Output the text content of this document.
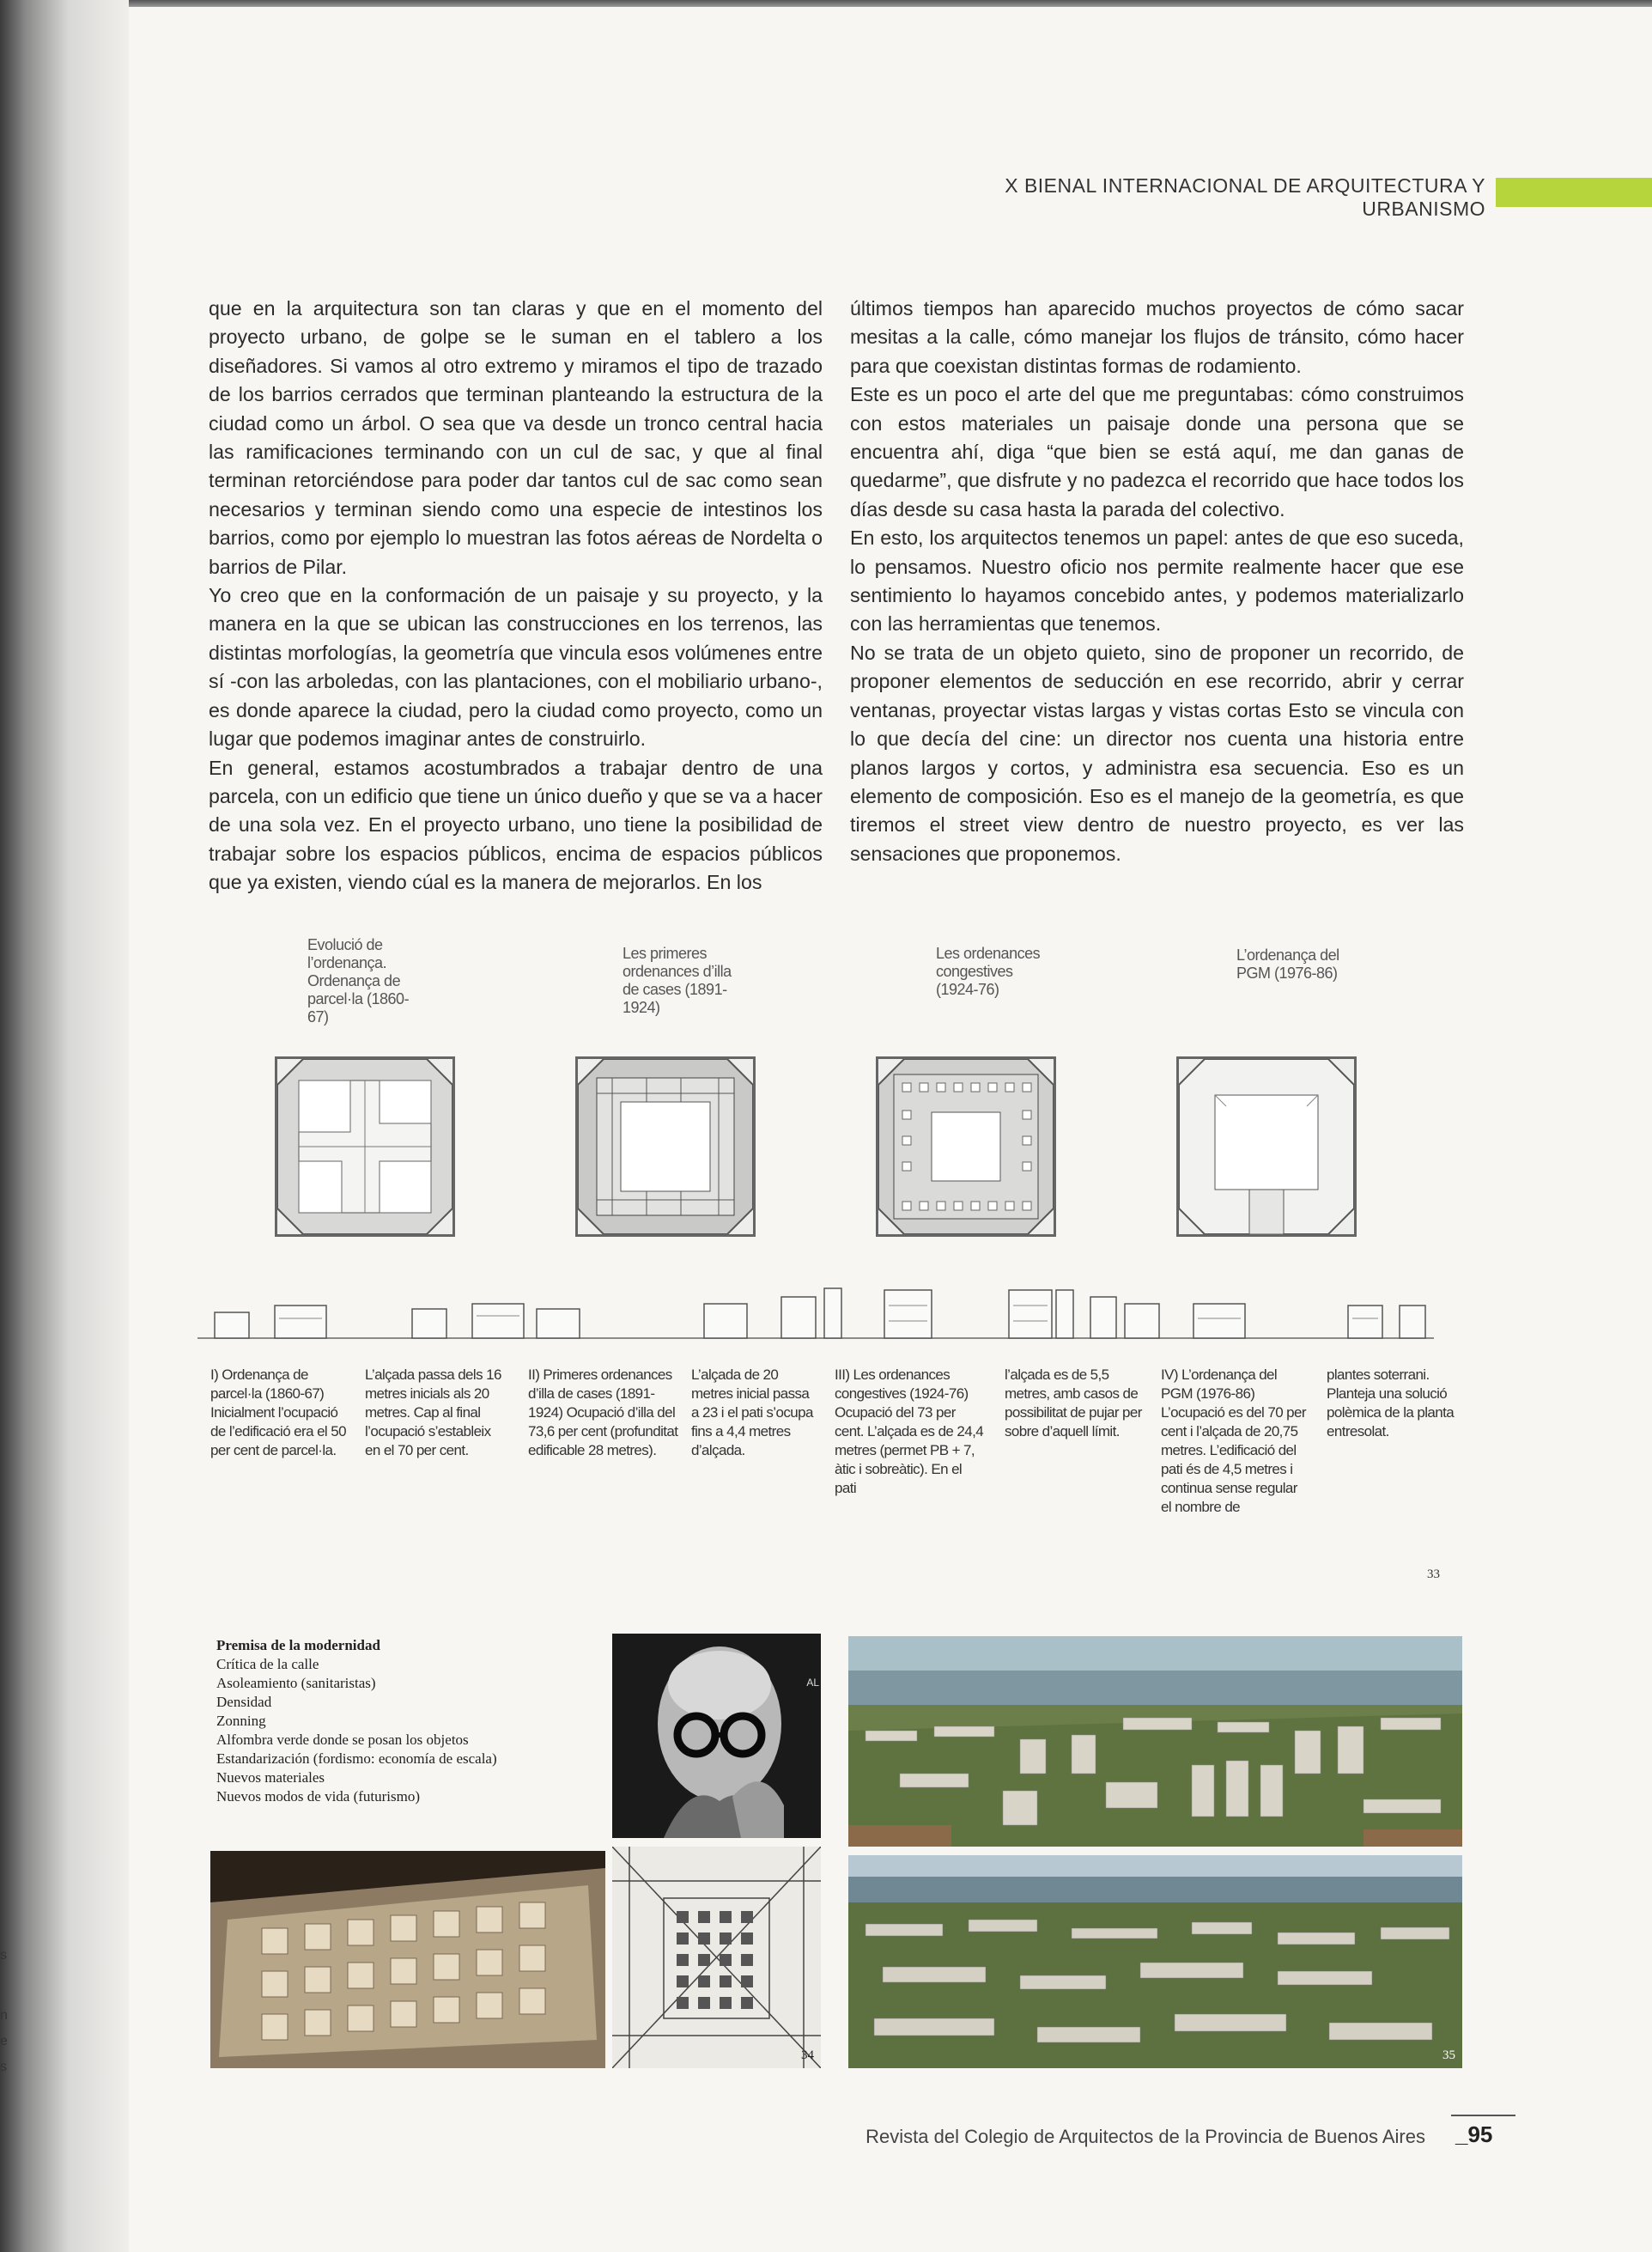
s
n
e
s
X BIENAL INTERNACIONAL DE ARQUITECTURA Y URBANISMO

que en la arquitectura son tan claras y que en el momento del proyecto urbano, de golpe se le suman en el tablero a los diseñadores. Si vamos al otro extremo y miramos el tipo de trazado de los barrios cerrados que terminan planteando la estructura de la ciudad como un árbol. O sea que va desde un tronco central hacia las ramificaciones terminando con un cul de sac, y que al final terminan retorciéndose para poder dar tantos cul de sac como sean necesarios y terminan siendo como una especie de intestinos los barrios, como por ejemplo lo muestran las fotos aéreas de Nordelta o barrios de Pilar.

Yo creo que en la conformación de un paisaje y su proyecto, y la manera en la que se ubican las construcciones en los terrenos, las distintas morfologías, la geometría que vincula esos volúmenes entre sí -con las arboledas, con las plantaciones, con el mobiliario urbano-, es donde aparece la ciudad, pero la ciudad como proyecto, como un lugar que podemos imaginar antes de construirlo.

En general, estamos acostumbrados a trabajar dentro de una parcela, con un edificio que tiene un único dueño y que se va a hacer de una sola vez. En el proyecto urbano, uno tiene la posibilidad de trabajar sobre los espacios públicos, encima de espacios públicos que ya existen, viendo cúal es la manera de mejorarlos. En los

últimos tiempos han aparecido muchos proyectos de cómo sacar mesitas a la calle, cómo manejar los flujos de tránsito, cómo hacer para que coexistan distintas formas de rodamiento.

Este es un poco el arte del que me preguntabas: cómo construimos con estos materiales un paisaje donde una persona que se encuentra ahí, diga “que bien se está aquí, me dan ganas de quedarme”, que disfrute y no padezca el recorrido que hace todos los días desde su casa hasta la parada del colectivo.

En esto, los arquitectos tenemos un papel: antes de que eso suceda, lo pensamos. Nuestro oficio nos permite realmente hacer que ese sentimiento lo hayamos concebido antes, y podemos materializarlo con las herramientas que tenemos.

No se trata de un objeto quieto, sino de proponer un recorrido, de proponer elementos de seducción en ese recorrido, abrir y cerrar ventanas, proyectar vistas largas y vistas cortas Esto se vincula con lo que decía del cine: un director nos cuenta una historia entre planos largos y cortos, y administra esa secuencia. Eso es un elemento de composición. Eso es el manejo de la geometría, es que tiremos el street view dentro de nuestro proyecto, es ver las sensaciones que proponemos.

Evolució de l’ordenança. Ordenança de parcel·la (1860-67)
Les primeres ordenances d’illa de cases (1891-1924)
Les ordenances congestives (1924-76)
L’ordenança del PGM (1976-86)
I) Ordenança de parcel·la (1860-67) Inicialment l’ocupació de l’edificació era el 50 per cent de parcel·la.
L’alçada passa dels 16 metres inicials als 20 metres. Cap al final l’ocupació s’estableix en el 70 per cent.
II) Primeres ordenances d’illa de cases (1891-1924) Ocupació d’illa del 73,6 per cent (profunditat edificable 28 metres).
L’alçada de 20 metres inicial passa a 23 i el pati s’ocupa fins a 4,4 metres d’alçada.
III) Les ordenances congestives (1924-76) Ocupació del 73 per cent. L’alçada es de 24,4 metres (permet PB + 7, àtic i sobreàtic). En el pati
l’alçada es de 5,5 metres, amb casos de possibilitat de pujar per sobre d’aquell límit.
IV) L’ordenança del PGM (1976-86) L’ocupació es del 70 per cent i l’alçada de 20,75 metres. L’edificació del pati és de 4,5 metres i continua sense regular el nombre de
plantes soterrani. Planteja una solució polèmica de la planta entresolat.
33
Premisa de la modernidad
Crítica de la calle
Asoleamiento (sanitaristas)
Densidad
Zonning
Alfombra verde donde se posan los objetos
Estandarización (fordismo: economía de escala)
Nuevos materiales
Nuevos modos de vida (futurismo)
AL
34	35
Revista del Colegio de Arquitectos de la Provincia de Buenos Aires _95
